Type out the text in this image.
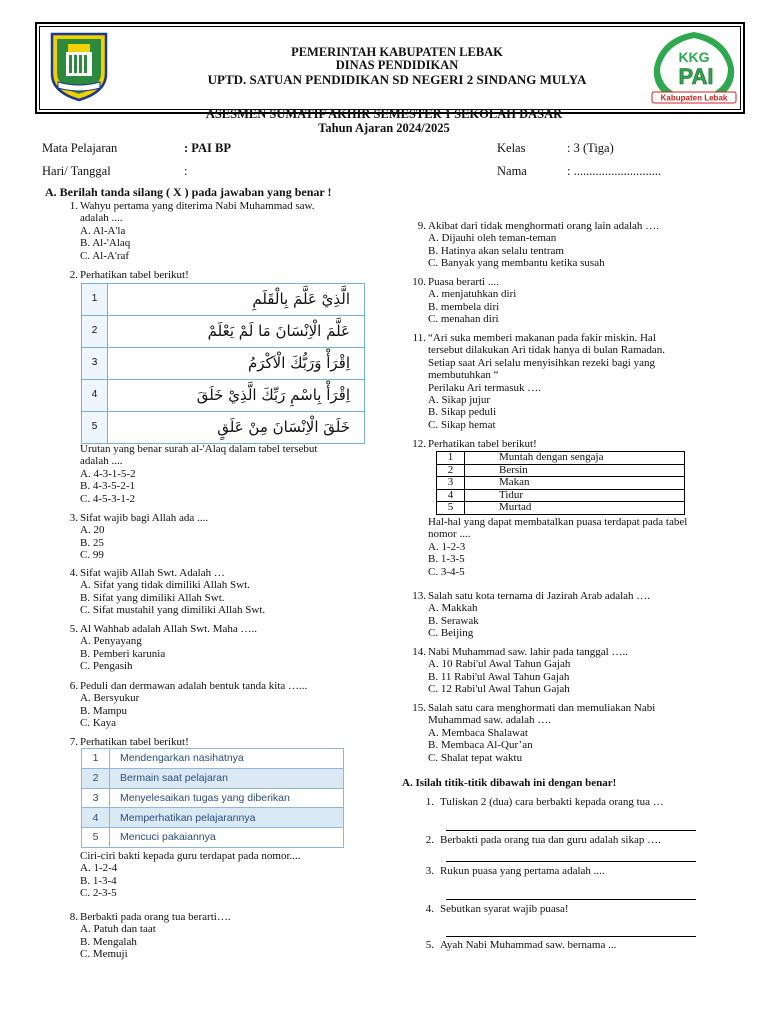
PEMERINTAH KABUPATEN LEBAK
DINAS PENDIDIKAN
UPTD. SATUAN PENDIDIKAN SD NEGERI 2 SINDANG MULYA
KKG
PAI
Kabupaten Lebak
ASESMEN SUMATIF AKHIR SEMESTER 1 SEKOLAH DASAR
Tahun Ajaran 2024/2025
Mata Pelajaran	: PAI BP
Hari/ Tanggal	:
Kelas	: 3 (Tiga)
Nama	: ............................
A. Berilah tanda silang ( X ) pada jawaban yang benar !
1. Wahyu pertama yang diterima Nabi Muhammad saw.
adalah ....
A. Al-A'la
B. Al-'Alaq
C. Al-A'raf
2. Perhatikan tabel berikut!
1	الَّذِيْ عَلَّمَ بِالْقَلَمِ
2	عَلَّمَ الْاِنْسَانَ مَا لَمْ يَعْلَمْ
3	اِقْرَأْ وَرَبُّكَ الْاَكْرَمُ
4	اِقْرَأْ بِاسْمِ رَبِّكَ الَّذِيْ خَلَقَ
5	خَلَقَ الْاِنْسَانَ مِنْ عَلَقٍ
Urutan yang benar surah al-'Alaq dalam tabel tersebut
adalah ....
A. 4-3-1-5-2
B. 4-3-5-2-1
C. 4-5-3-1-2
3. Sifat wajib bagi Allah ada ....
A. 20
B. 25
C. 99
4. Sifat wajib Allah Swt. Adalah …
A. Sifat yang tidak dimiliki Allah Swt.
B. Sifat yang dimiliki Allah Swt.
C. Sifat mustahil yang dimiliki Allah Swt.
5. Al Wahhab adalah Allah Swt. Maha …..
A. Penyayang
B. Pemberi karunia
C. Pengasih
6. Peduli dan dermawan adalah bentuk tanda kita …...
A. Bersyukur
B. Mampu
C. Kaya
7. Perhatikan tabel berikut!
1	Mendengarkan nasihatnya
2	Bermain saat pelajaran
3	Menyelesaikan tugas yang diberikan
4	Memperhatikan pelajarannya
5	Mencuci pakaiannya
Ciri-ciri bakti kepada guru terdapat pada nomor....
A. 1-2-4
B. 1-3-4
C. 2-3-5
8. Berbakti pada orang tua berarti….
A. Patuh dan taat
B. Mengalah
C. Memuji
9. Akibat dari tidak menghormati orang lain adalah ….
A. Dijauhi oleh teman-teman
B. Hatinya akan selalu tentram
C. Banyak yang membantu ketika susah
10. Puasa berarti ....
A. menjatuhkan diri
B. membela diri
C. menahan diri
11. “Ari suka memberi makanan pada fakir miskin. Hal
tersebut dilakukan Ari tidak hanya di bulan Ramadan.
Setiap saat Ari selalu menyisihkan rezeki bagi yang
membutuhkan “
Perilaku Ari termasuk ….
A. Sikap jujur
B. Sikap peduli
C. Sikap hemat
12. Perhatikan tabel berikut!
1	Muntah dengan sengaja
2	Bersin
3	Makan
4	Tidur
5	Murtad
Hal-hal yang dapat membatalkan puasa terdapat pada tabel
nomor ....
A. 1-2-3
B. 1-3-5
C. 3-4-5
13. Salah satu kota ternama di Jazirah Arab adalah ….
A. Makkah
B. Serawak
C. Beijing
14. Nabi Muhammad saw. lahir pada tanggal …..
A. 10 Rabi'ul Awal Tahun Gajah
B. 11 Rabi'ul Awal Tahun Gajah
C. 12 Rabi'ul Awal Tahun Gajah
15. Salah satu cara menghormati dan memuliakan Nabi
Muhammad saw. adalah ….
A. Membaca Shalawat
B. Membaca Al-Qur’an
C. Shalat tepat waktu
A. Isilah titik-titik dibawah ini dengan benar!
1. Tuliskan 2 (dua) cara berbakti kepada orang tua …
2. Berbakti pada orang tua dan guru adalah sikap ….
3. Rukun puasa yang pertama adalah ....
4. Sebutkan syarat wajib puasa!
5. Ayah Nabi Muhammad saw. bernama ...
